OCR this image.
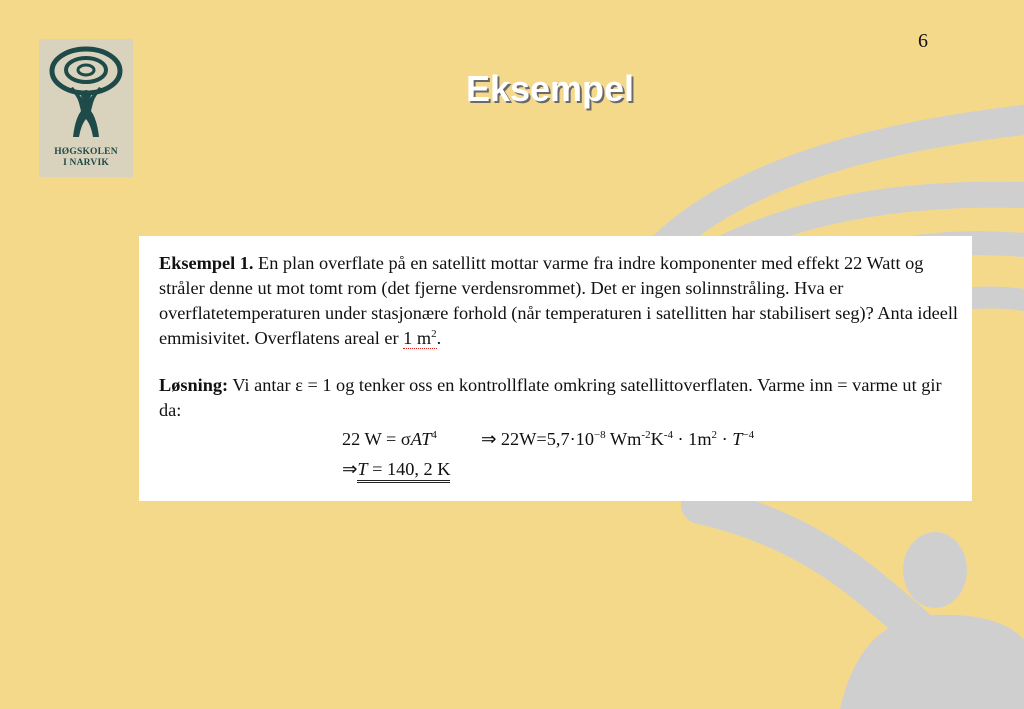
6
HØGSKOLEN
I NARVIK
Eksempel
Eksempel 1. En plan overflate på en satellitt mottar varme fra indre komponenter med effekt 22 Watt og stråler denne ut mot tomt rom (det fjerne verdensrommet). Det er ingen solinnstråling. Hva er overflatetemperaturen under stasjonære forhold (når temperaturen i satellitten har stabilisert seg)? Anta ideell emmisivitet. Overflatens areal er 1 $m^2$.
Løsning: Vi antar ε = 1 og tenker oss en kontrollflate omkring satellittoverflaten. Varme inn = varme ut gir da:
22 W = σAT$^4$ ⇒ $22W=5,7\cdot 10^{-8}$ $Wm^{-2}K^{-4} \cdot 1m^2 \cdot T^{-4}$
⇒T = 140, 2 K
